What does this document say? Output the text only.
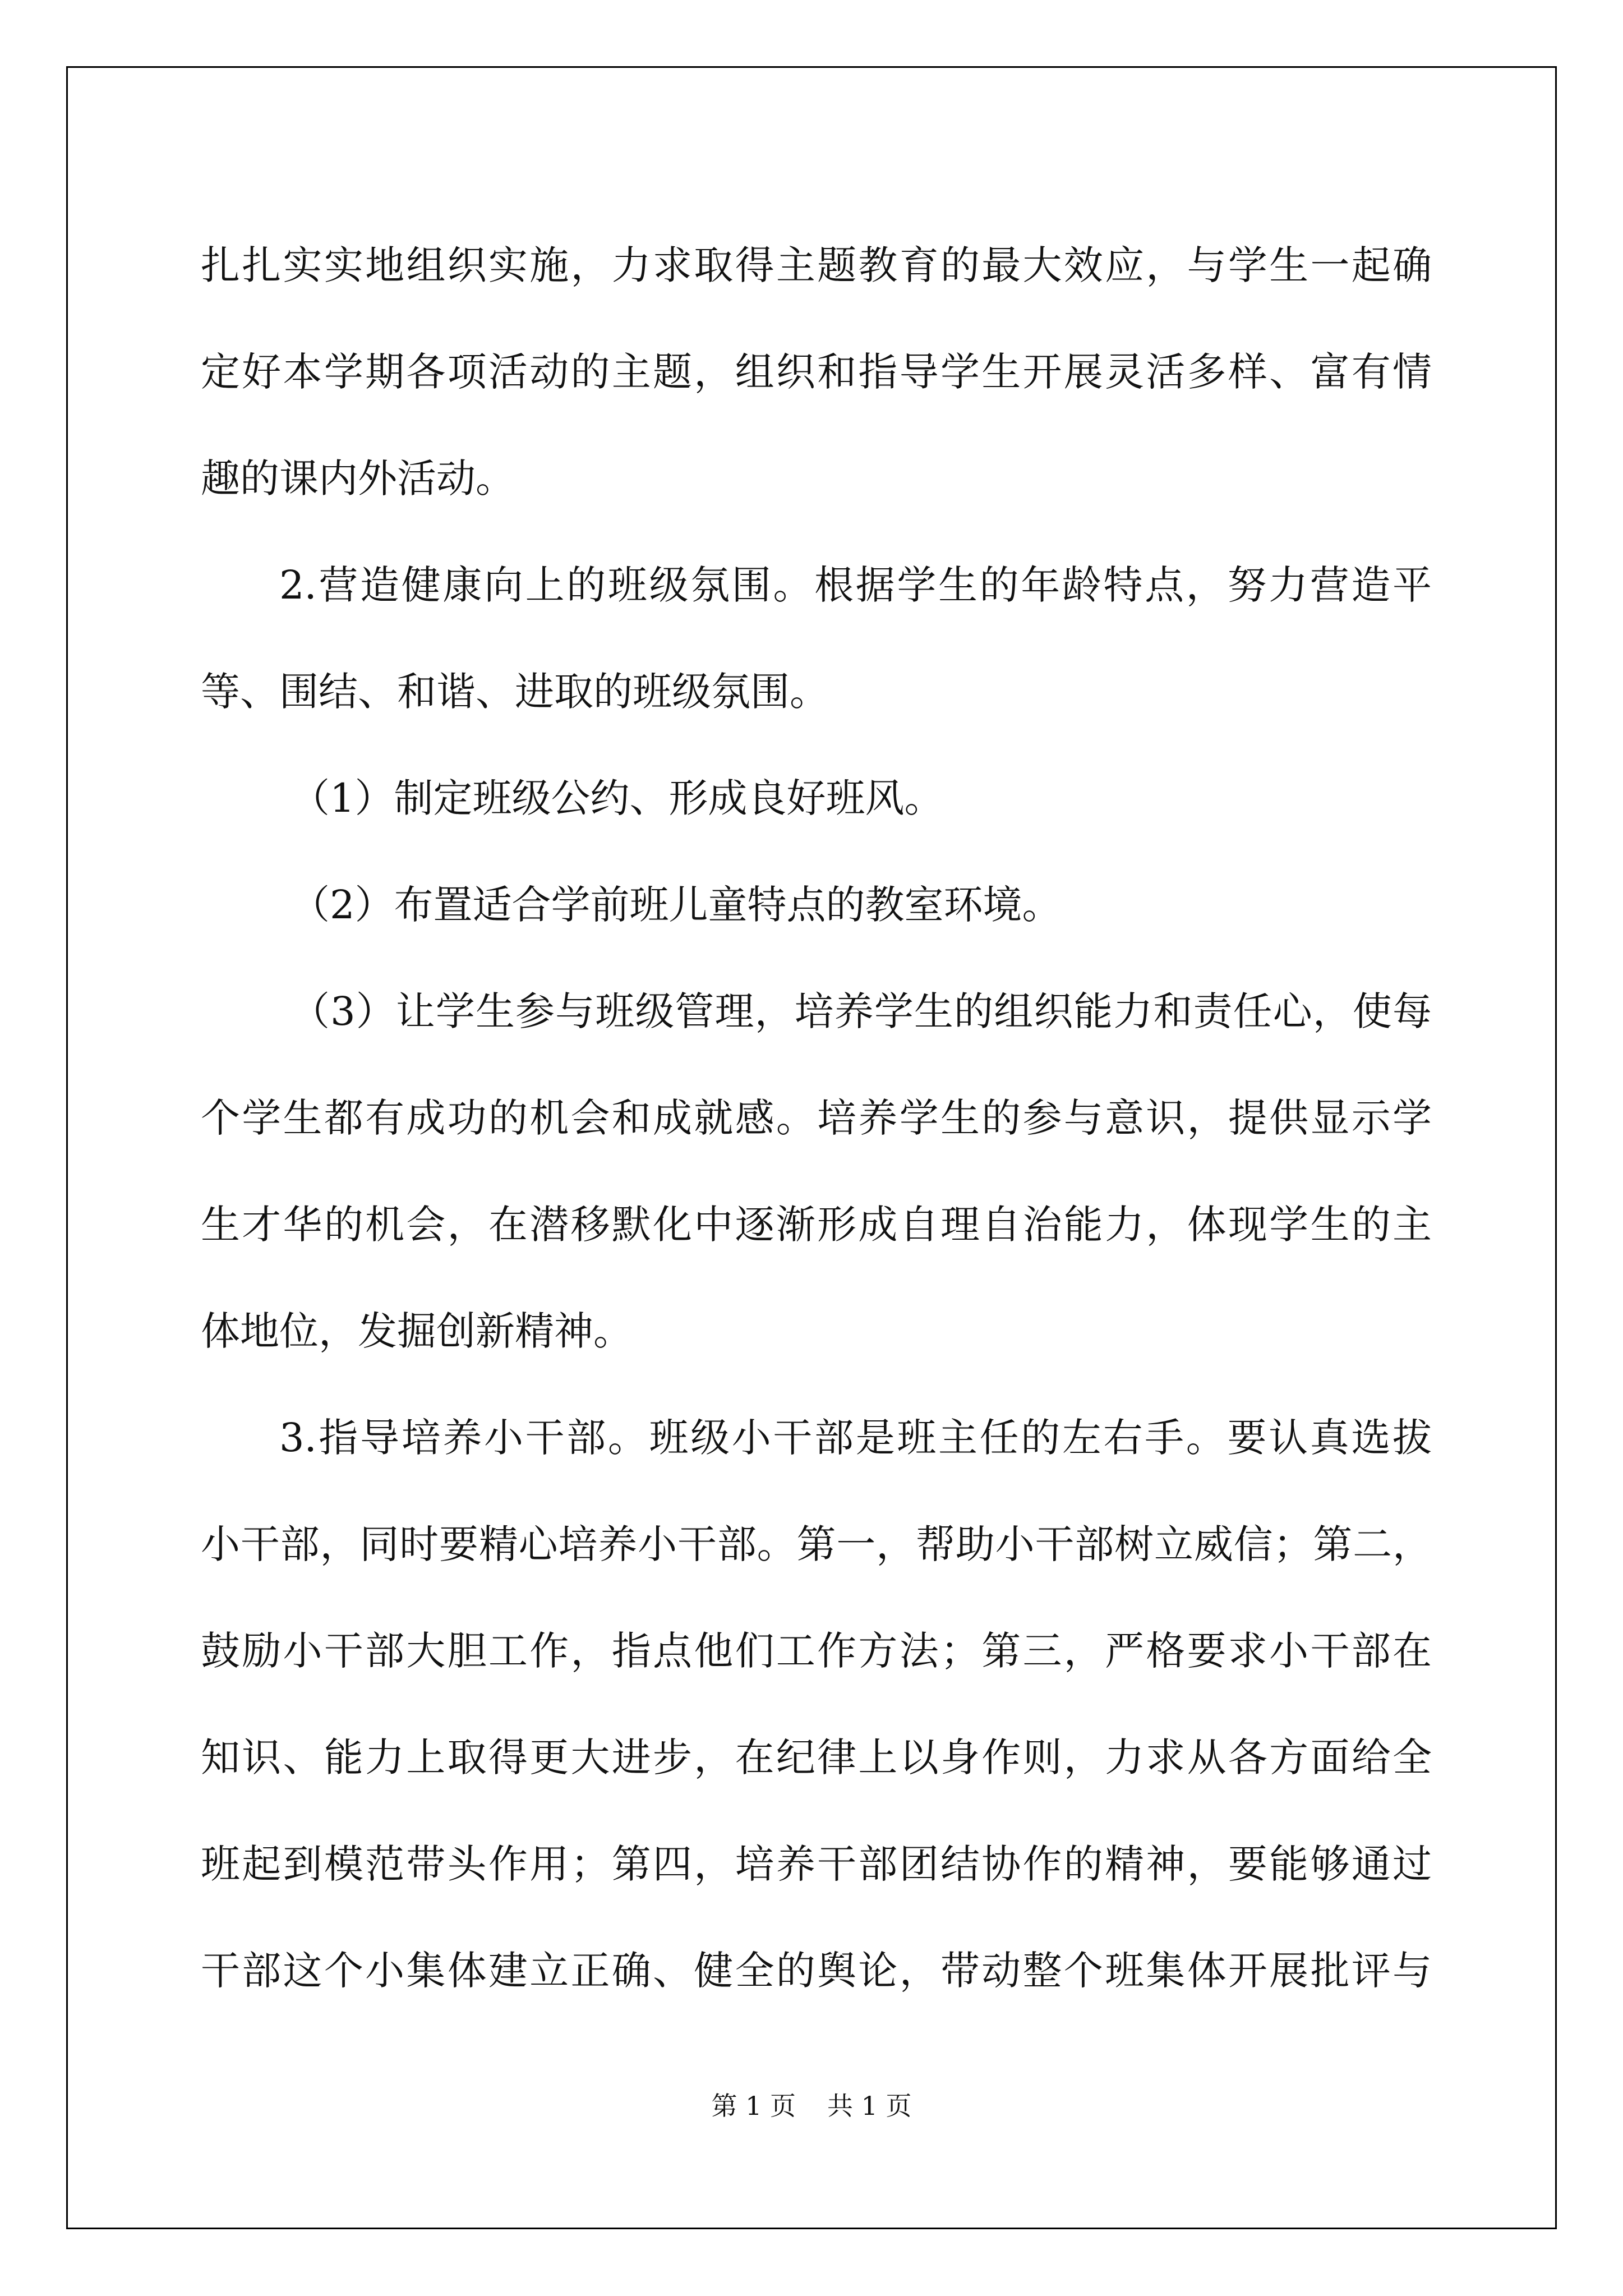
扎扎实实地组织实施，力求取得主题教育的最大效应，与学生一起确
定好本学期各项活动的主题，组织和指导学生开展灵活多样、富有情
趣的课内外活动。
2.营造健康向上的班级氛围。根据学生的年龄特点，努力营造平
等、围结、和谐、进取的班级氛围。
（1）制定班级公约、形成良好班风。
（2）布置适合学前班儿童特点的教室环境。
（3）让学生参与班级管理，培养学生的组织能力和责任心，使每
个学生都有成功的机会和成就感。培养学生的参与意识，提供显示学
生才华的机会，在潜移默化中逐渐形成自理自治能力，体现学生的主
体地位，发掘创新精神。
3.指导培养小干部。班级小干部是班主任的左右手。要认真选拔
小干部，同时要精心培养小干部。第一，帮助小干部树立威信；第二，
鼓励小干部大胆工作，指点他们工作方法；第三，严格要求小干部在
知识、能力上取得更大进步，在纪律上以身作则，力求从各方面给全
班起到模范带头作用；第四，培养干部团结协作的精神，要能够通过
干部这个小集体建立正确、健全的舆论，带动整个班集体开展批评与
第 1 页 共 1 页
